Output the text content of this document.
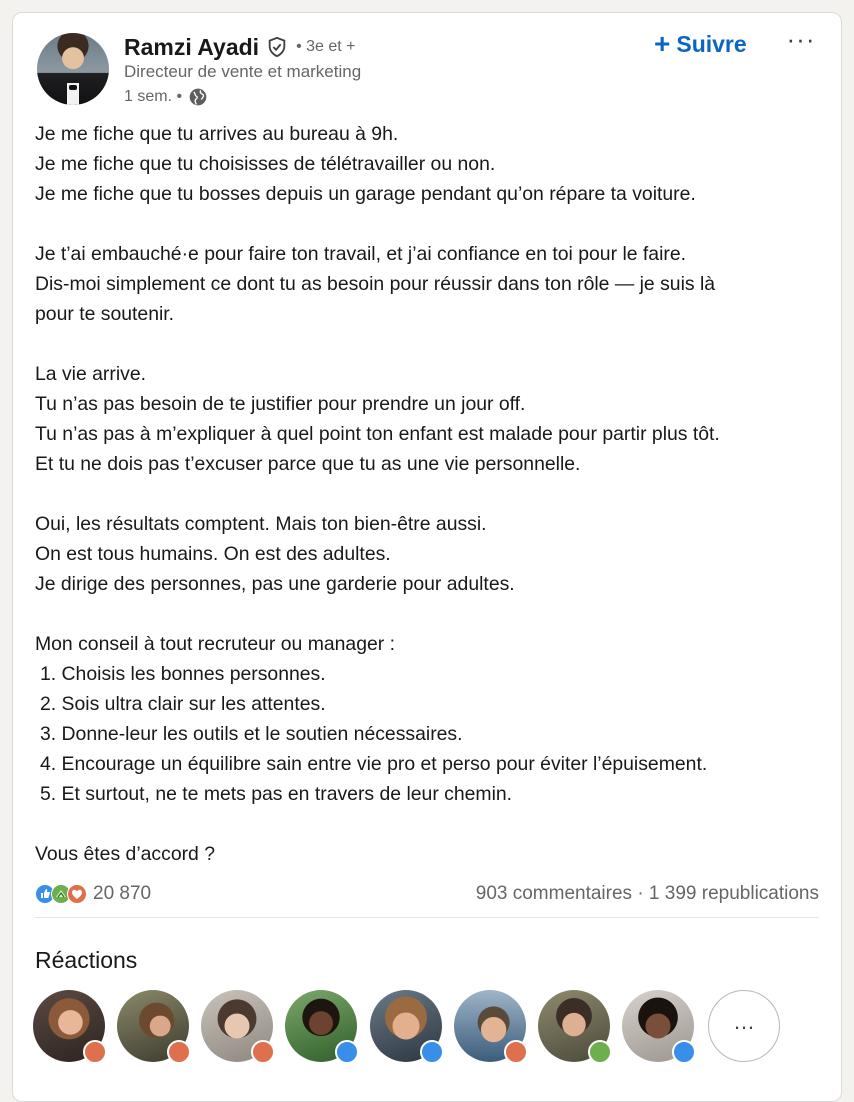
Ramzi Ayadi • 3e et +
Directeur de vente et marketing
1 sem. •
+ Suivre ···
Je me fiche que tu arrives au bureau à 9h.
Je me fiche que tu choisisses de télétravailler ou non.
Je me fiche que tu bosses depuis un garage pendant qu’on répare ta voiture.
Je t’ai embauché·e pour faire ton travail, et j’ai confiance en toi pour le faire.
Dis-moi simplement ce dont tu as besoin pour réussir dans ton rôle — je suis là
pour te soutenir.
La vie arrive.
Tu n’as pas besoin de te justifier pour prendre un jour off.
Tu n’as pas à m’expliquer à quel point ton enfant est malade pour partir plus tôt.
Et tu ne dois pas t’excuser parce que tu as une vie personnelle.
Oui, les résultats comptent. Mais ton bien-être aussi.
On est tous humains. On est des adultes.
Je dirige des personnes, pas une garderie pour adultes.
Mon conseil à tout recruteur ou manager :
1. Choisis les bonnes personnes.
2. Sois ultra clair sur les attentes.
3. Donne-leur les outils et le soutien nécessaires.
4. Encourage un équilibre sain entre vie pro et perso pour éviter l’épuisement.
5. Et surtout, ne te mets pas en travers de leur chemin.
Vous êtes d’accord ?
20 870	903 commentaires · 1 399 republications
Réactions
…
